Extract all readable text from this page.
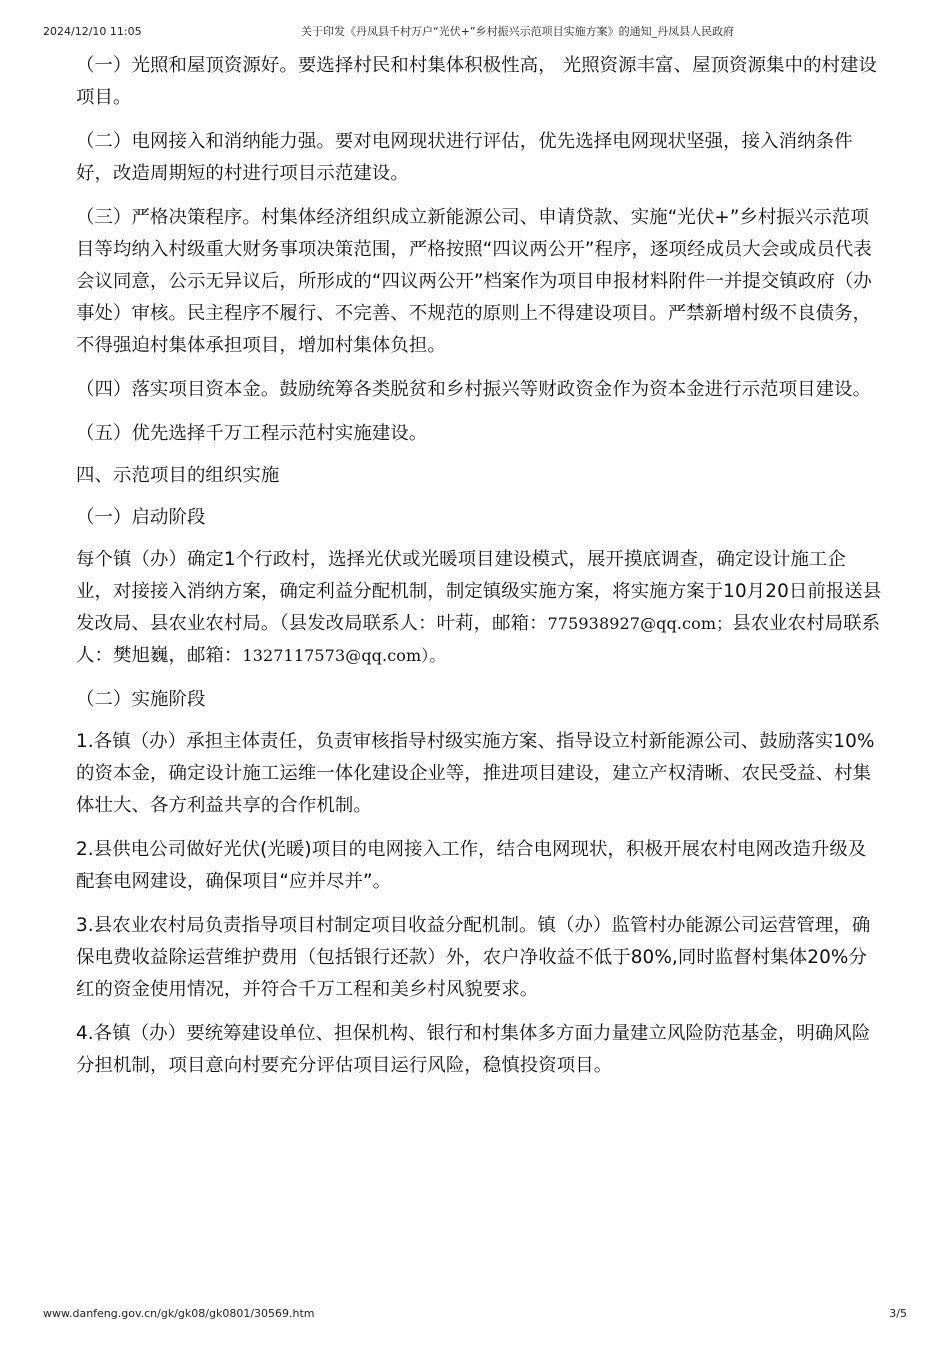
2024/12/10 11:05	关于印发《丹凤县千村万户“光伏+”乡村振兴示范项目实施方案》的通知_丹凤县人民政府

（一）光照和屋顶资源好。要选择村民和村集体积极性高， 光照资源丰富、屋顶资源集中的村建设项目。

（二）电网接入和消纳能力强。要对电网现状进行评估，优先选择电网现状坚强，接入消纳条件好，改造周期短的村进行项目示范建设。

（三）严格决策程序。村集体经济组织成立新能源公司、申请贷款、实施“光伏+”乡村振兴示范项目等均纳入村级重大财务事项决策范围，严格按照“四议两公开”程序，逐项经成员大会或成员代表会议同意，公示无异议后，所形成的“四议两公开”档案作为项目申报材料附件一并提交镇政府（办事处）审核。民主程序不履行、不完善、不规范的原则上不得建设项目。严禁新增村级不良债务，不得强迫村集体承担项目，增加村集体负担。

（四）落实项目资本金。鼓励统筹各类脱贫和乡村振兴等财政资金作为资本金进行示范项目建设。

（五）优先选择千万工程示范村实施建设。

四、示范项目的组织实施

（一）启动阶段

每个镇（办）确定1个行政村，选择光伏或光暖项目建设模式，展开摸底调查，确定设计施工企业，对接接入消纳方案，确定利益分配机制，制定镇级实施方案，将实施方案于10月20日前报送县发改局、县农业农村局。（县发改局联系人：叶莉，邮箱：775938927@qq.com；县农业农村局联系人：樊旭巍，邮箱：1327117573@qq.com）。

（二）实施阶段

1.各镇（办）承担主体责任，负责审核指导村级实施方案、指导设立村新能源公司、鼓励落实10%的资本金，确定设计施工运维一体化建设企业等，推进项目建设，建立产权清晰、农民受益、村集体壮大、各方利益共享的合作机制。

2.县供电公司做好光伏(光暖)项目的电网接入工作，结合电网现状，积极开展农村电网改造升级及配套电网建设，确保项目“应并尽并”。

3.县农业农村局负责指导项目村制定项目收益分配机制。镇（办）监管村办能源公司运营管理，确保电费收益除运营维护费用（包括银行还款）外，农户净收益不低于80%,同时监督村集体20%分红的资金使用情况，并符合千万工程和美乡村风貌要求。

4.各镇（办）要统筹建设单位、担保机构、银行和村集体多方面力量建立风险防范基金，明确风险分担机制，项目意向村要充分评估项目运行风险，稳慎投资项目。

www.danfeng.gov.cn/gk/gk08/gk0801/30569.htm	3/5
